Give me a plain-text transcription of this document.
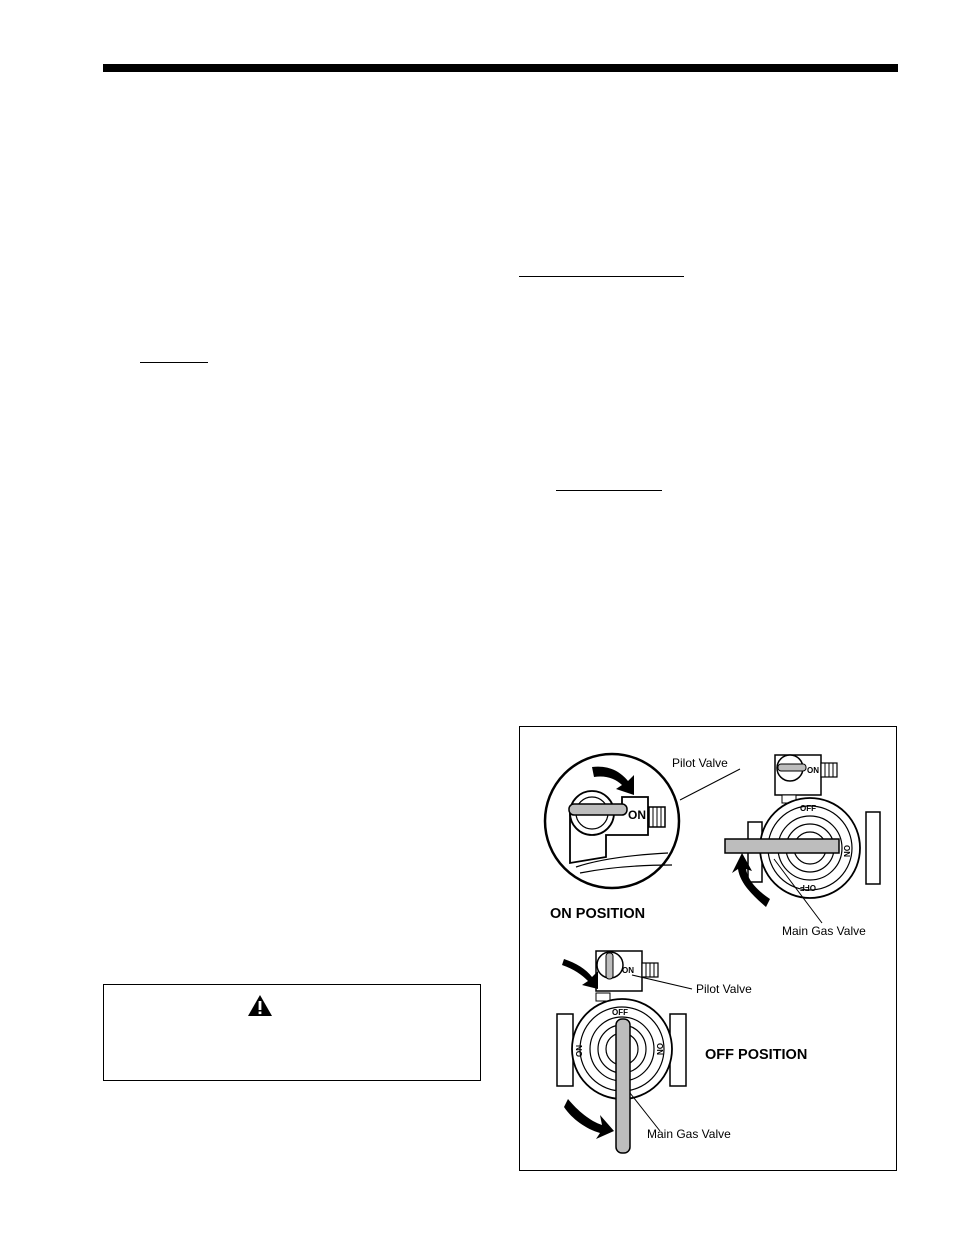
ON
Pilot Valve
ON POSITION
ON
OFF
ON
OFF
Main Gas Valve
ON
OFF
ON	ON
Pilot Valve
OFF POSITION
Main Gas Valve
